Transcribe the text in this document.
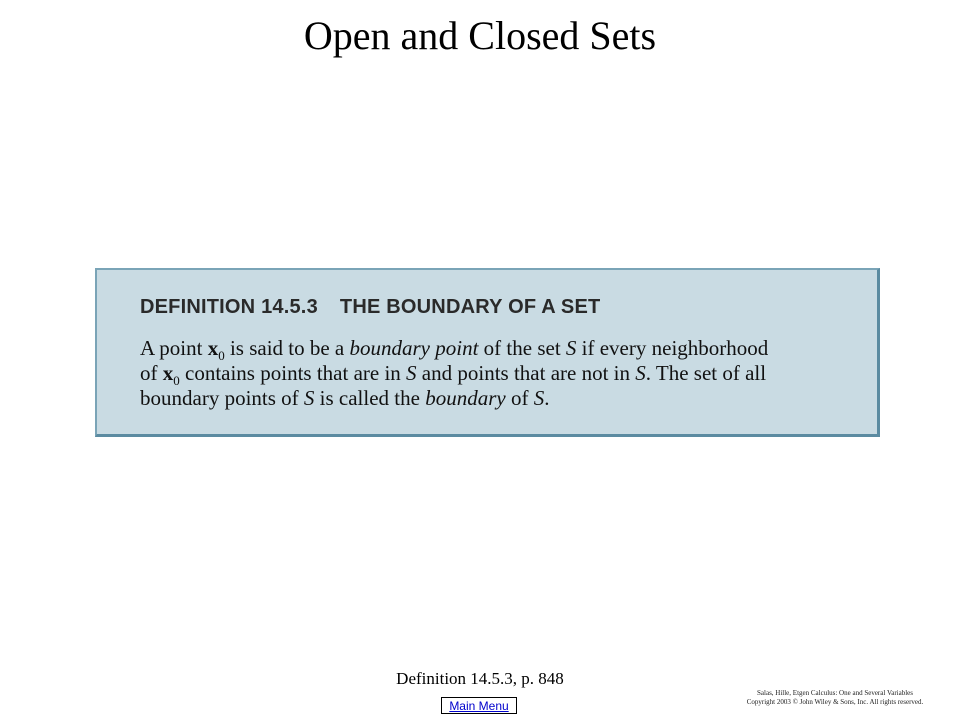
Open and Closed Sets
DEFINITION 14.5.3 THE BOUNDARY OF A SET
A point $x_0$ is said to be a boundary point of the set S if every neighborhood
of $x_0$ contains points that are in S and points that are not in S. The set of all
boundary points of S is called the boundary of S.
Definition 14.5.3, p. 848
Main Menu
Salas, Hille, Etgen Calculus: One and Several Variables
Copyright 2003 © John Wiley & Sons, Inc. All rights reserved.
